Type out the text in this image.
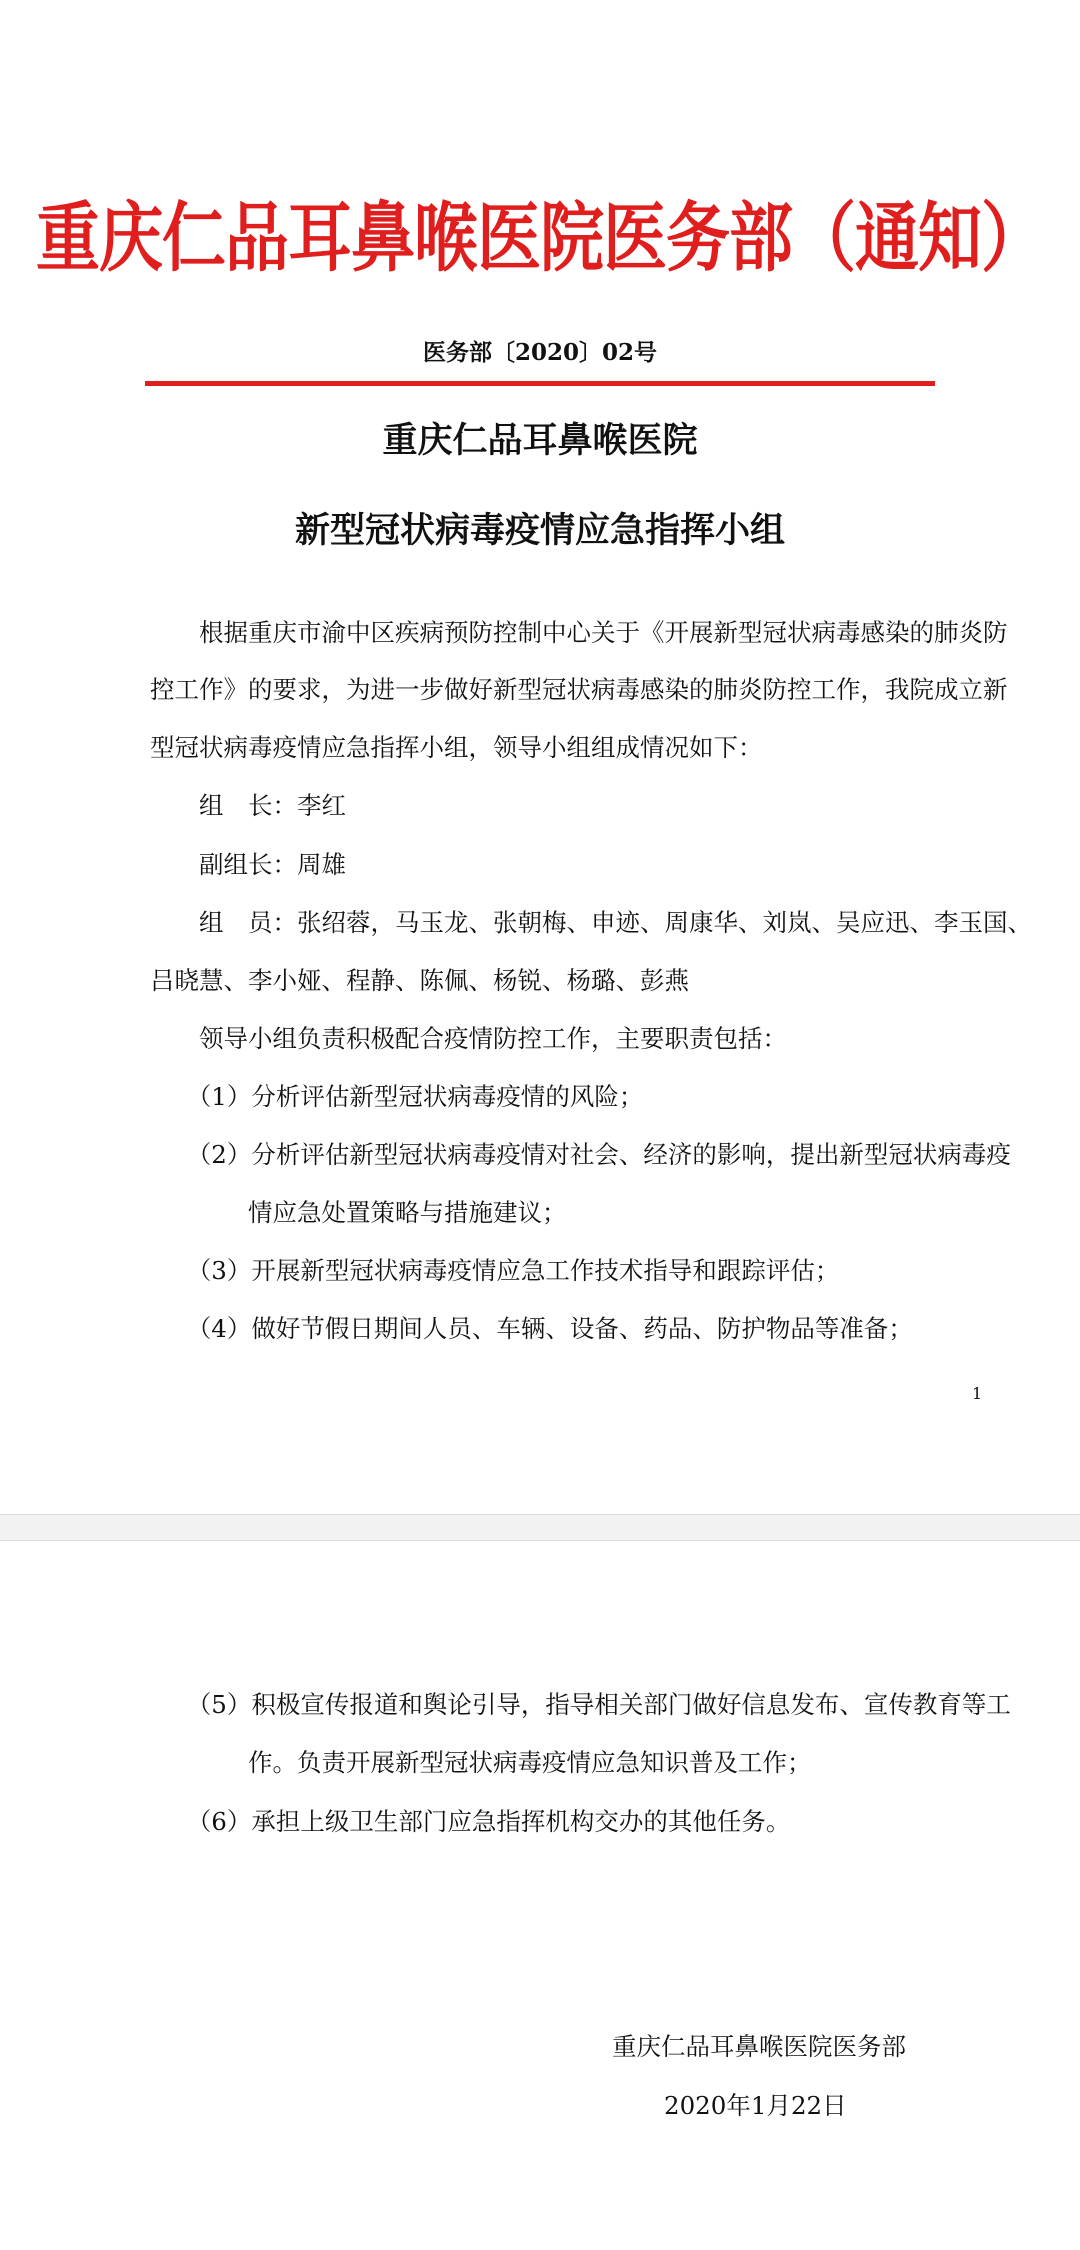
重庆仁品耳鼻喉医院医务部（通知）
医务部〔2020〕02号
重庆仁品耳鼻喉医院
新型冠状病毒疫情应急指挥小组
　　根据重庆市渝中区疾病预防控制中心关于《开展新型冠状病毒感染的肺炎防
控工作》的要求，为进一步做好新型冠状病毒感染的肺炎防控工作，我院成立新
型冠状病毒疫情应急指挥小组，领导小组组成情况如下：
　　组　长：李红
　　副组长：周雄
　　组　员：张绍蓉，马玉龙、张朝梅、申迹、周康华、刘岚、吴应迅、李玉国、
吕晓慧、李小娅、程静、陈佩、杨锐、杨璐、彭燕
　　领导小组负责积极配合疫情防控工作，主要职责包括：
　　（1）分析评估新型冠状病毒疫情的风险；
　　（2）分析评估新型冠状病毒疫情对社会、经济的影响，提出新型冠状病毒疫
　　　　情应急处置策略与措施建议；
　　（3）开展新型冠状病毒疫情应急工作技术指导和跟踪评估；
　　（4）做好节假日期间人员、车辆、设备、药品、防护物品等准备；
1
　　（5）积极宣传报道和舆论引导，指导相关部门做好信息发布、宣传教育等工
　　　　作。负责开展新型冠状病毒疫情应急知识普及工作；
　　（6）承担上级卫生部门应急指挥机构交办的其他任务。
重庆仁品耳鼻喉医院医务部
2020年1月22日
